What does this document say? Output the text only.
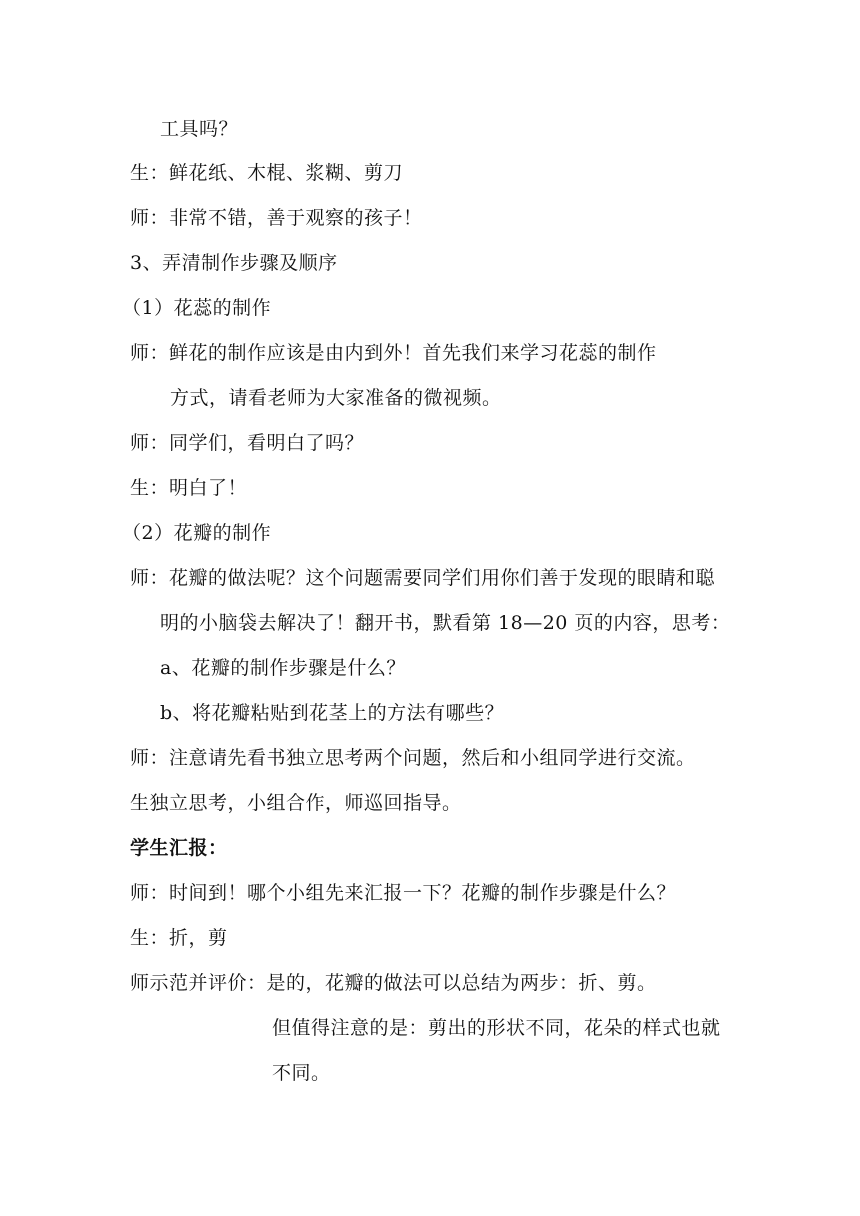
工具吗？
生：鲜花纸、木棍、浆糊、剪刀
师：非常不错，善于观察的孩子！
3、弄清制作步骤及顺序
（1）花蕊的制作
师：鲜花的制作应该是由内到外！首先我们来学习花蕊的制作
方式，请看老师为大家准备的微视频。
师：同学们，看明白了吗？
生：明白了！
（2）花瓣的制作
师：花瓣的做法呢？这个问题需要同学们用你们善于发现的眼睛和聪
明的小脑袋去解决了！翻开书，默看第 18—20 页的内容，思考：
a、花瓣的制作步骤是什么？
b、将花瓣粘贴到花茎上的方法有哪些？
师：注意请先看书独立思考两个问题，然后和小组同学进行交流。
生独立思考，小组合作，师巡回指导。
学生汇报：
师：时间到！哪个小组先来汇报一下？花瓣的制作步骤是什么？
生：折，剪
师示范并评价：是的，花瓣的做法可以总结为两步：折、剪。
但值得注意的是：剪出的形状不同，花朵的样式也就
不同。
